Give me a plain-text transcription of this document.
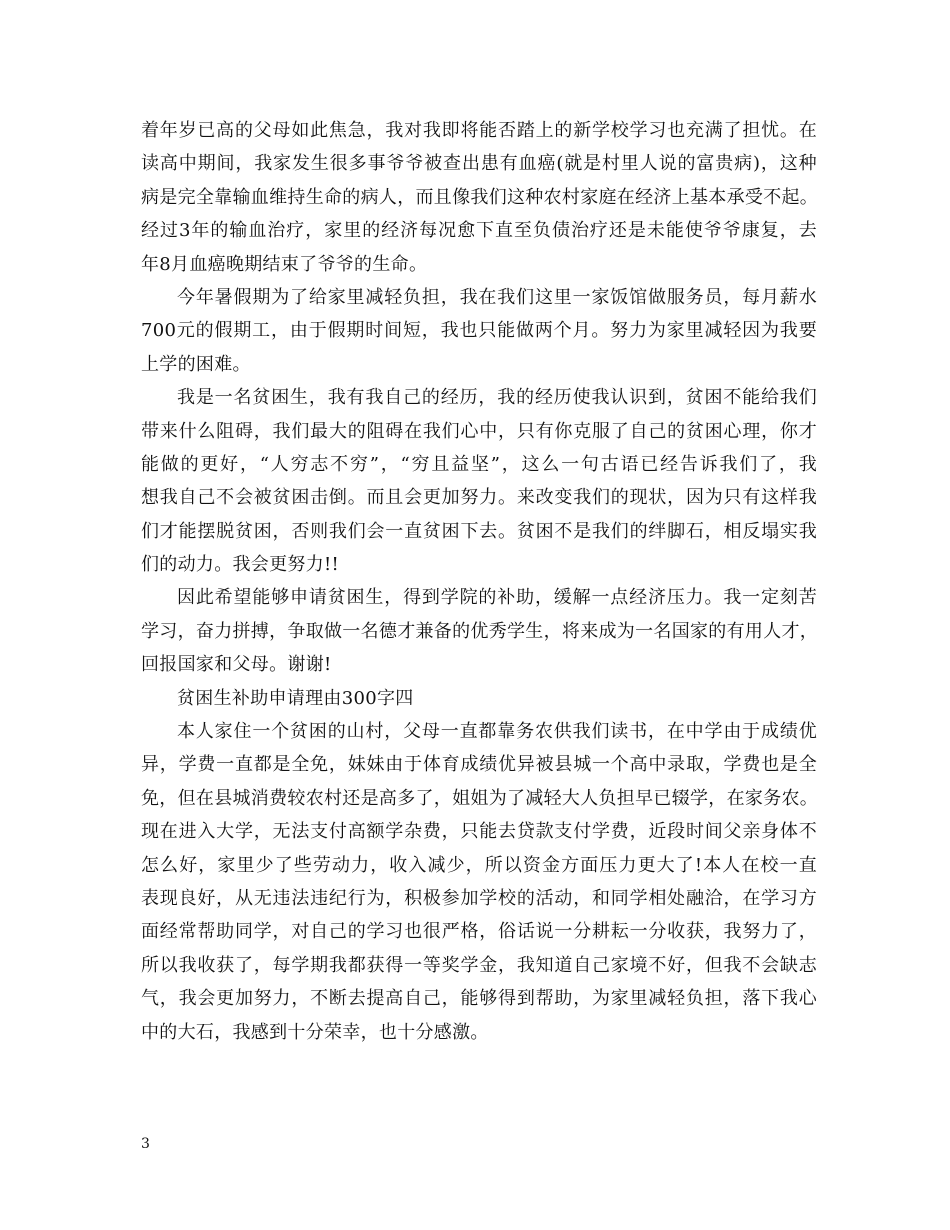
着年岁已高的父母如此焦急，我对我即将能否踏上的新学校学习也充满了担忧。在
读高中期间，我家发生很多事爷爷被查出患有血癌(就是村里人说的富贵病)，这种
病是完全靠输血维持生命的病人，而且像我们这种农村家庭在经济上基本承受不起。
经过3年的输血治疗，家里的经济每况愈下直至负债治疗还是未能使爷爷康复，去
年8月血癌晚期结束了爷爷的生命。
今年暑假期为了给家里减轻负担，我在我们这里一家饭馆做服务员，每月薪水
700元的假期工，由于假期时间短，我也只能做两个月。努力为家里减轻因为我要
上学的困难。
我是一名贫困生，我有我自己的经历，我的经历使我认识到，贫困不能给我们
带来什么阻碍，我们最大的阻碍在我们心中，只有你克服了自己的贫困心理，你才
能做的更好，“人穷志不穷”，“穷且益坚”，这么一句古语已经告诉我们了，我
想我自己不会被贫困击倒。而且会更加努力。来改变我们的现状，因为只有这样我
们才能摆脱贫困，否则我们会一直贫困下去。贫困不是我们的绊脚石，相反塌实我
们的动力。我会更努力!!
因此希望能够申请贫困生，得到学院的补助，缓解一点经济压力。我一定刻苦
学习，奋力拼搏，争取做一名德才兼备的优秀学生，将来成为一名国家的有用人才，
回报国家和父母。谢谢!
贫困生补助申请理由300字四
本人家住一个贫困的山村，父母一直都靠务农供我们读书，在中学由于成绩优
异，学费一直都是全免，妹妹由于体育成绩优异被县城一个高中录取，学费也是全
免，但在县城消费较农村还是高多了，姐姐为了减轻大人负担早已辍学，在家务农。
现在进入大学，无法支付高额学杂费，只能去贷款支付学费，近段时间父亲身体不
怎么好，家里少了些劳动力，收入减少，所以资金方面压力更大了!本人在校一直
表现良好，从无违法违纪行为，积极参加学校的活动，和同学相处融洽，在学习方
面经常帮助同学，对自己的学习也很严格，俗话说一分耕耘一分收获，我努力了，
所以我收获了，每学期我都获得一等奖学金，我知道自己家境不好，但我不会缺志
气，我会更加努力，不断去提高自己，能够得到帮助，为家里减轻负担，落下我心
中的大石，我感到十分荣幸，也十分感激。
3
